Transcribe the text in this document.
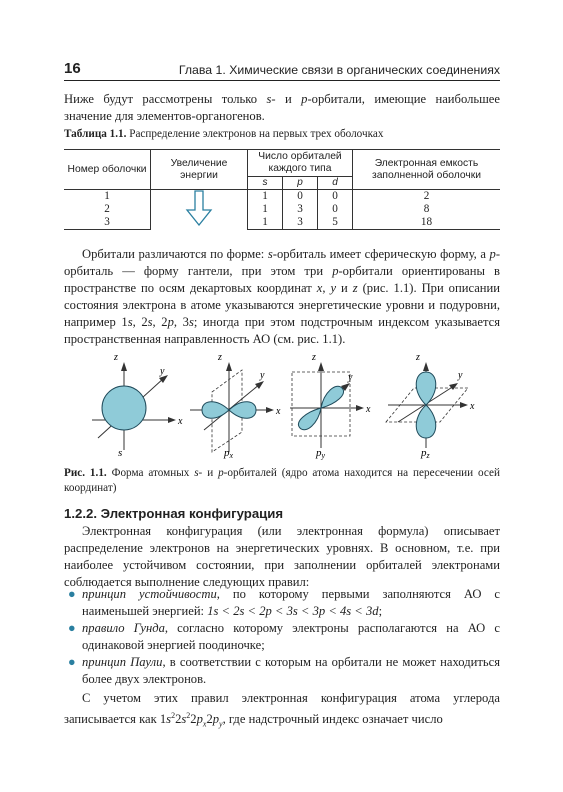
16	Глава 1. Химические связи в органических соединениях
Ниже будут рассмотрены только s- и p-орбитали, имеющие наибольшее значение для элементов-органогенов.
Таблица 1.1. Распределение электронов на первых трех оболочках
Номер оболочки	Увеличение энергии	Число орбиталей каждого типа			Электронная емкость заполненной оболочки
		s	p	d	
1		1	0	0	2
2		1	3	0	8
3		1	3	5	18
Орбитали различаются по форме: s-орбиталь имеет сферическую форму, а p-орбиталь — форму гантели, при этом три p-орбитали ориентированы в пространстве по осям декартовых координат x, y и z (рис. 1.1). При описании состояния электрона в атоме указываются энергетические уровни и подуровни, например 1s, 2s, 2p, 3s; иногда при этом подстрочным индексом указывается пространственная направленность АО (см. рис. 1.1).
z
y
x
s
z
y
x
px
z
y
x
py
z
y
x
pz
Рис. 1.1. Форма атомных s- и p-орбиталей (ядро атома находится на пересечении осей координат)
1.2.2. Электронная конфигурация
Электронная конфигурация (или электронная формула) описывает распределение электронов на энергетических уровнях. В основном, т.е. при наиболее устойчивом состоянии, при заполнении орбиталей электронами соблюдается выполнение следующих правил:
● принцип устойчивости, по которому первыми заполняются АО с наименьшей энергией: 1s < 2s < 2p < 3s < 3p < 4s < 3d;
● правило Гунда, согласно которому электроны располагаются на АО с одинаковой энергией поодиночке;
● принцип Паули, в соответствии с которым на орбитали не может находиться более двух электронов.
С учетом этих правил электронная конфигурация атома углерода записывается как $1s^22s^22p_x2p_y$, где надстрочный индекс означает число
